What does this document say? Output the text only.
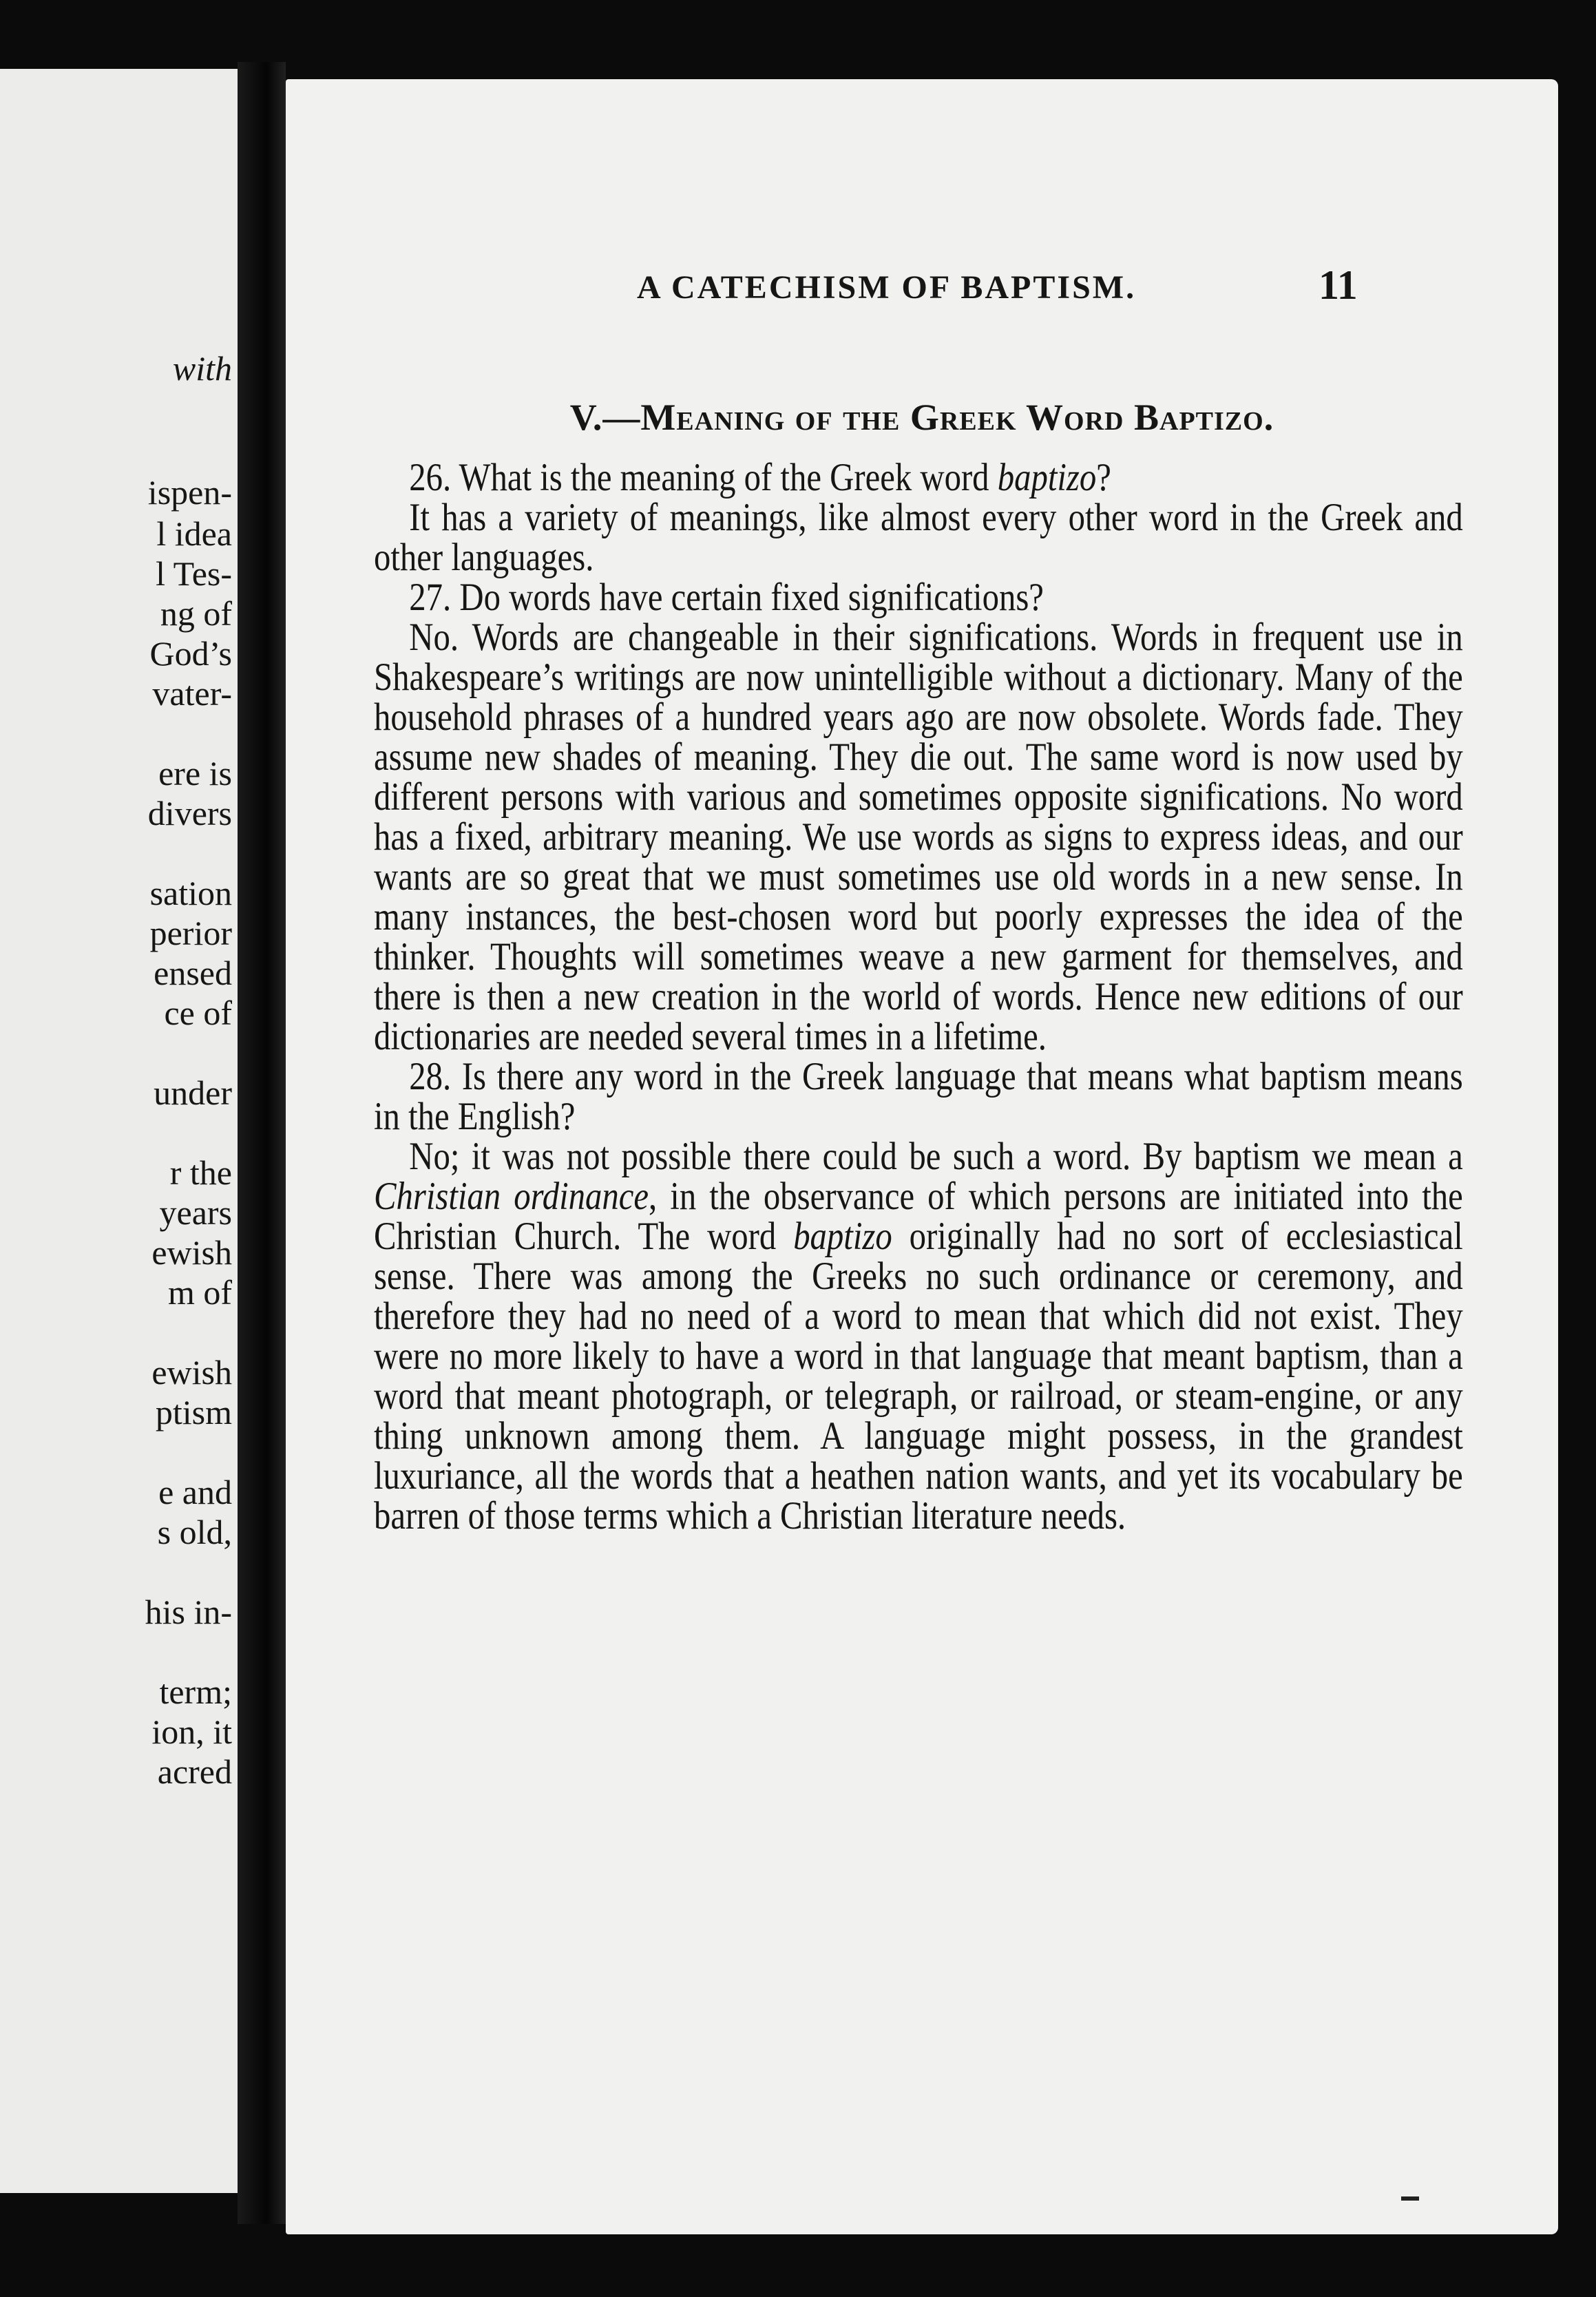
with
ispen-
l idea
l Tes-
ng of
God’s
vater-
ere is
divers
sation
perior
ensed
ce of
under
r the
years
ewish
m of
ewish
ptism
e and
s old,
his in-
term;
ion, it
acred
A CATECHISM OF BAPTISM.	11
V.—Meaning of the Greek Word Baptizo.

26. What is the meaning of the Greek word baptizo?

It has a variety of meanings, like almost every other word in the Greek and other languages.

27. Do words have certain fixed significations?

No. Words are changeable in their significations. Words in frequent use in Shakespeare’s writings are now unintelligible without a dictionary. Many of the household phrases of a hundred years ago are now obsolete. Words fade. They assume new shades of meaning. They die out. The same word is now used by different persons with various and sometimes opposite significations. No word has a fixed, arbitrary meaning. We use words as signs to express ideas, and our wants are so great that we must sometimes use old words in a new sense. In many instances, the best-chosen word but poorly expresses the idea of the thinker. Thoughts will sometimes weave a new garment for themselves, and there is then a new creation in the world of words. Hence new editions of our dictionaries are needed several times in a lifetime.

28. Is there any word in the Greek language that means what baptism means in the English?

No; it was not possible there could be such a word. By baptism we mean a Christian ordinance, in the observance of which persons are initiated into the Christian Church. The word baptizo originally had no sort of ecclesiastical sense. There was among the Greeks no such ordinance or ceremony, and therefore they had no need of a word to mean that which did not exist. They were no more likely to have a word in that language that meant baptism, than a word that meant photograph, or telegraph, or railroad, or steam-engine, or any thing unknown among them. A language might possess, in the grandest luxuriance, all the words that a heathen nation wants, and yet its vocabulary be barren of those terms which a Christian literature needs.
